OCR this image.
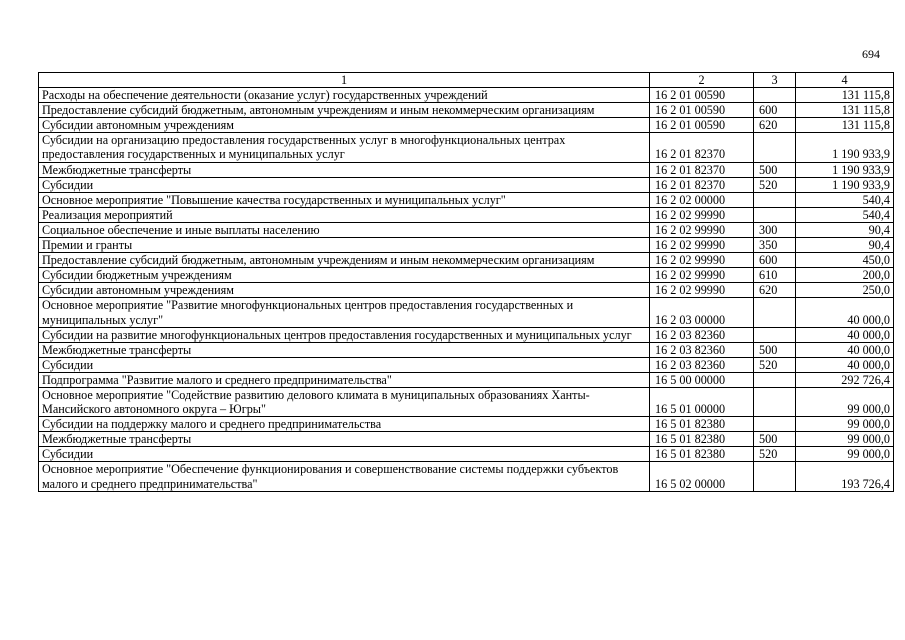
694
1	2	3	4
Расходы на обеспечение деятельности (оказание услуг) государственных учреждений	16 2 01 00590		131 115,8
Предоставление субсидий бюджетным, автономным учреждениям и иным некоммерческим организациям	16 2 01 00590	600	131 115,8
Субсидии автономным учреждениям	16 2 01 00590	620	131 115,8
Субсидии на организацию предоставления государственных услуг в многофункциональных центрах предоставления государственных и муниципальных услуг	16 2 01 82370		1 190 933,9
Межбюджетные трансферты	16 2 01 82370	500	1 190 933,9
Субсидии	16 2 01 82370	520	1 190 933,9
Основное мероприятие "Повышение качества государственных и муниципальных услуг"	16 2 02 00000		540,4
Реализация мероприятий	16 2 02 99990		540,4
Социальное обеспечение и иные выплаты населению	16 2 02 99990	300	90,4
Премии и гранты	16 2 02 99990	350	90,4
Предоставление субсидий бюджетным, автономным учреждениям и иным некоммерческим организациям	16 2 02 99990	600	450,0
Субсидии бюджетным учреждениям	16 2 02 99990	610	200,0
Субсидии автономным учреждениям	16 2 02 99990	620	250,0
Основное мероприятие "Развитие многофункциональных центров предоставления государственных и муниципальных услуг"	16 2 03 00000		40 000,0
Субсидии на развитие многофункциональных центров предоставления государственных и муниципальных услуг	16 2 03 82360		40 000,0
Межбюджетные трансферты	16 2 03 82360	500	40 000,0
Субсидии	16 2 03 82360	520	40 000,0
Подпрограмма "Развитие малого и среднего предпринимательства"	16 5 00 00000		292 726,4
Основное мероприятие "Содействие развитию делового климата в муниципальных образованиях Ханты-Мансийского автономного округа – Югры"	16 5 01 00000		99 000,0
Субсидии на поддержку малого и среднего предпринимательства	16 5 01 82380		99 000,0
Межбюджетные трансферты	16 5 01 82380	500	99 000,0
Субсидии	16 5 01 82380	520	99 000,0
Основное мероприятие "Обеспечение функционирования и совершенствование системы поддержки субъектов малого и среднего предпринимательства"	16 5 02 00000		193 726,4
